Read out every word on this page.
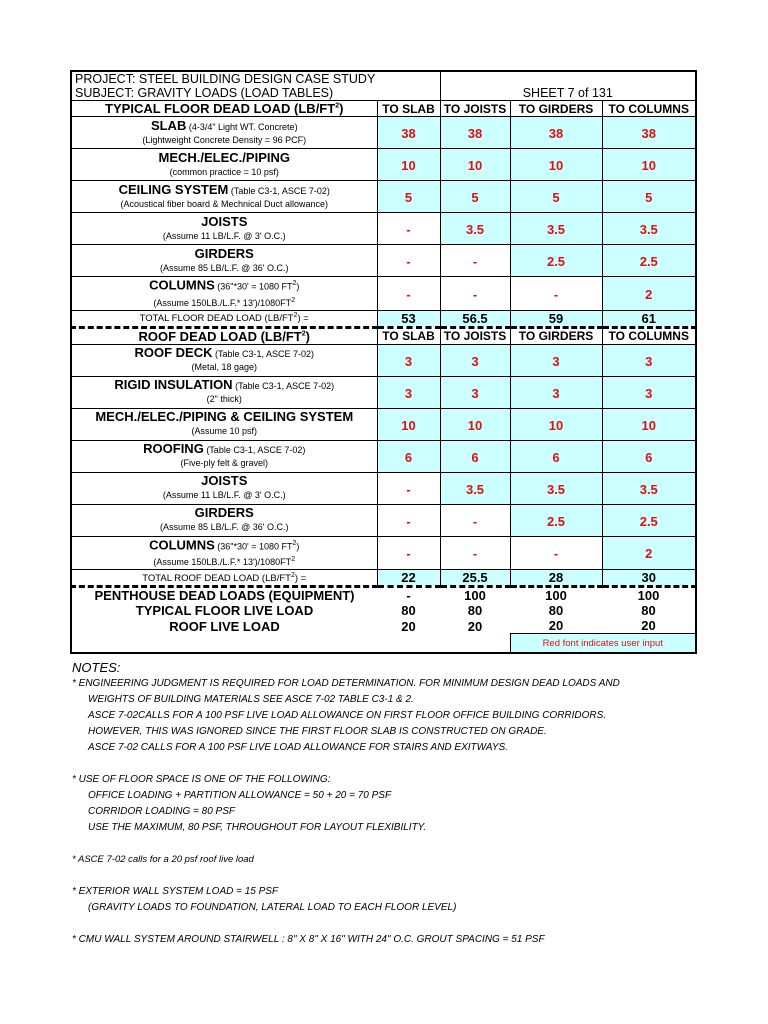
PROJECT: STEEL BUILDING DESIGN CASE STUDY				
SUBJECT: GRAVITY LOADS (LOAD TABLES)		SHEET 7 of 131		
TYPICAL FLOOR DEAD LOAD $(LB/FT^2)$	TO SLAB	TO JOISTS	TO GIRDERS	TO COLUMNS

SLAB (4-3/4" Light WT. Concrete)
(Lightweight Concrete Density = 96 PCF)	38	38	38	38

MECH./ELEC./PIPING
(common practice = 10 psf)	10	10	10	10

CEILING SYSTEM (Table C3-1, ASCE 7-02)
(Acoustical fiber board & Mechnical Duct allowance)	5	5	5	5

JOISTS
(Assume 11 LB/L.F. @ 3' O.C.)	-	3.5	3.5	3.5

GIRDERS
(Assume 85 LB/L.F. @ 36' O.C.)	-	-	2.5	2.5

COLUMNS (36"*30' = 1080 $FT^2$)
(Assume 150LB./L.F.* $13')/1080FT^2$	-	-	-	2
TOTAL FLOOR DEAD LOAD $(LB/FT^2)$ =	53	56.5	59	61
ROOF DEAD LOAD $(LB/FT^2)$	TO SLAB	TO JOISTS	TO GIRDERS	TO COLUMNS

ROOF DECK (Table C3-1, ASCE 7-02)
(Metal, 18 gage)	3	3	3	3

RIGID INSULATION (Table C3-1, ASCE 7-02)
(2" thick)	3	3	3	3

MECH./ELEC./PIPING & CEILING SYSTEM
(Assume 10 psf)	10	10	10	10

ROOFING (Table C3-1, ASCE 7-02)
(Five-ply felt & gravel)	6	6	6	6

JOISTS
(Assume 11 LB/L.F. @ 3' O.C.)	-	3.5	3.5	3.5

GIRDERS
(Assume 85 LB/L.F. @ 36' O.C.)	-	-	2.5	2.5

COLUMNS (36"*30' = 1080 $FT^2$)
(Assume 150LB./L.F.* $13')/1080FT^2$	-	-	-	2
TOTAL ROOF DEAD LOAD $(LB/FT^2)$ =	22	25.5	28	30
PENTHOUSE DEAD LOADS (EQUIPMENT)	-	100	100	100
TYPICAL FLOOR LIVE LOAD	80	80	80	80
ROOF LIVE LOAD	20	20	20	20
			Red font indicates user input	

NOTES:

* ENGINEERING JUDGMENT IS REQUIRED FOR LOAD DETERMINATION. FOR MINIMUM DESIGN DEAD LOADS AND

WEIGHTS OF BUILDING MATERIALS SEE ASCE 7-02 TABLE C3-1 & 2.

ASCE 7-02CALLS FOR A 100 PSF LIVE LOAD ALLOWANCE ON FIRST FLOOR OFFICE BUILDING CORRIDORS.

HOWEVER, THIS WAS IGNORED SINCE THE FIRST FLOOR SLAB IS CONSTRUCTED ON GRADE.

ASCE 7-02 CALLS FOR A 100 PSF LIVE LOAD ALLOWANCE FOR STAIRS AND EXITWAYS.

* USE OF FLOOR SPACE IS ONE OF THE FOLLOWING:

OFFICE LOADING + PARTITION ALLOWANCE = 50 + 20 = 70 PSF

CORRIDOR LOADING = 80 PSF

USE THE MAXIMUM, 80 PSF, THROUGHOUT FOR LAYOUT FLEXIBILITY.

* ASCE 7-02 calls for a 20 psf roof live load

* EXTERIOR WALL SYSTEM LOAD = 15 PSF

(GRAVITY LOADS TO FOUNDATION, LATERAL LOAD TO EACH FLOOR LEVEL)

* CMU WALL SYSTEM AROUND STAIRWELL : 8" X 8" X 16" WITH 24" O.C. GROUT SPACING = 51 PSF
